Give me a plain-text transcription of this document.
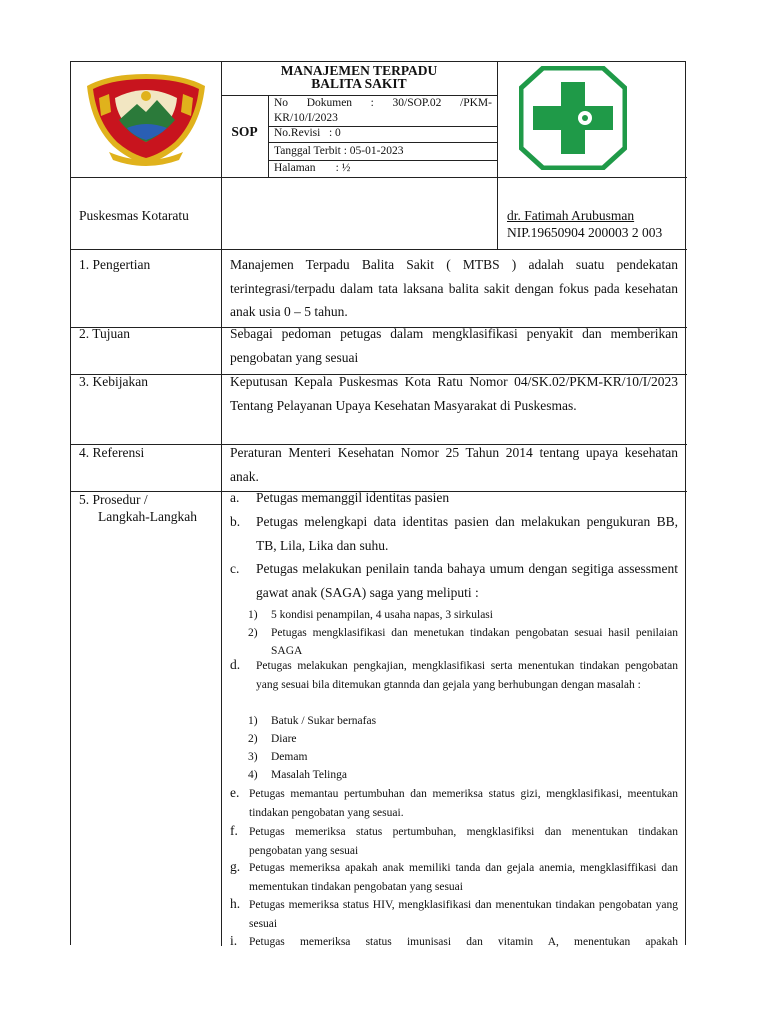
MANAJEMEN TERPADU
BALITA SAKIT
SOP
No Dokumen : 30/SOP.02 /PKM-
KR/10/I/2023
No.Revisi   : 0
Tanggal Terbit : 05-01-2023
Halaman       : ½
Puskesmas Kotaratu	dr. Fatimah Arubusman
NIP.19650904 200003 2 003
1. Pengertian	Manajemen Terpadu Balita Sakit ( MTBS ) adalah suatu pendekatan terintegrasi/terpadu dalam tata laksana balita sakit dengan fokus pada kesehatan anak usia 0 – 5 tahun.
2. Tujuan	Sebagai pedoman petugas dalam mengklasifikasi penyakit dan memberikan pengobatan yang sesuai
3. Kebijakan	Keputusan Kepala Puskesmas Kota Ratu Nomor 04/SK.02/PKM-KR/10/I/2023 Tentang Pelayanan Upaya Kesehatan Masyarakat di Puskesmas.
4. Referensi	Peraturan Menteri Kesehatan Nomor 25 Tahun 2014 tentang upaya kesehatan anak.
5. Prosedur /
Langkah-Langkah
a. Petugas memanggil identitas pasien
b. Petugas melengkapi data identitas pasien dan melakukan pengukuran BB, TB, Lila, Lika dan suhu.
c. Petugas melakukan penilain tanda bahaya umum dengan segitiga assessment gawat anak (SAGA) saga yang meliputi :
1) 5 kondisi penampilan, 4 usaha napas, 3 sirkulasi
2) Petugas mengklasifikasi dan menetukan tindakan pengobatan sesuai hasil penilaian SAGA
d. Petugas melakukan pengkajian, mengklasifikasi serta menentukan tindakan pengobatan yang sesuai bila ditemukan gtannda dan gejala yang berhubungan dengan masalah :
1) Batuk / Sukar bernafas
2) Diare
3) Demam
4) Masalah Telinga
e. Petugas memantau pertumbuhan dan memeriksa status gizi, mengklasifikasi, meentukan tindakan pengobatan yang sesuai.
f. Petugas memeriksa status pertumbuhan, mengklasifiksi dan menentukan tindakan pengobatan yang sesuai
g. Petugas memeriksa apakah anak memiliki tanda dan gejala anemia, mengklasiffikasi dan mementukan tindakan pengobatan yang sesuai
h. Petugas memeriksa status HIV, mengklasifikasi dan menentukan tindakan pengobatan yang sesuai
i. Petugas memeriksa status imunisasi dan vitamin A, menentukan apakah
